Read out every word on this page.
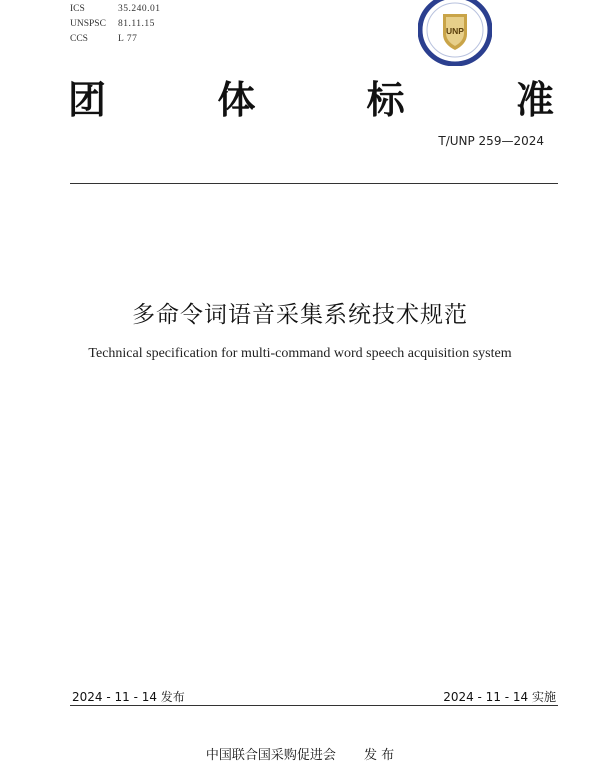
ICS	35.240.01
UNSPSC	81.11.15
CCS	L 77
UNP
团	体	标	准
T/UNP 259—2024
多命令词语音采集系统技术规范
Technical specification for multi-command word speech acquisition system
2024 - 11 - 14 发布	2024 - 11 - 14 实施
中国联合国采购促进会 发 布
